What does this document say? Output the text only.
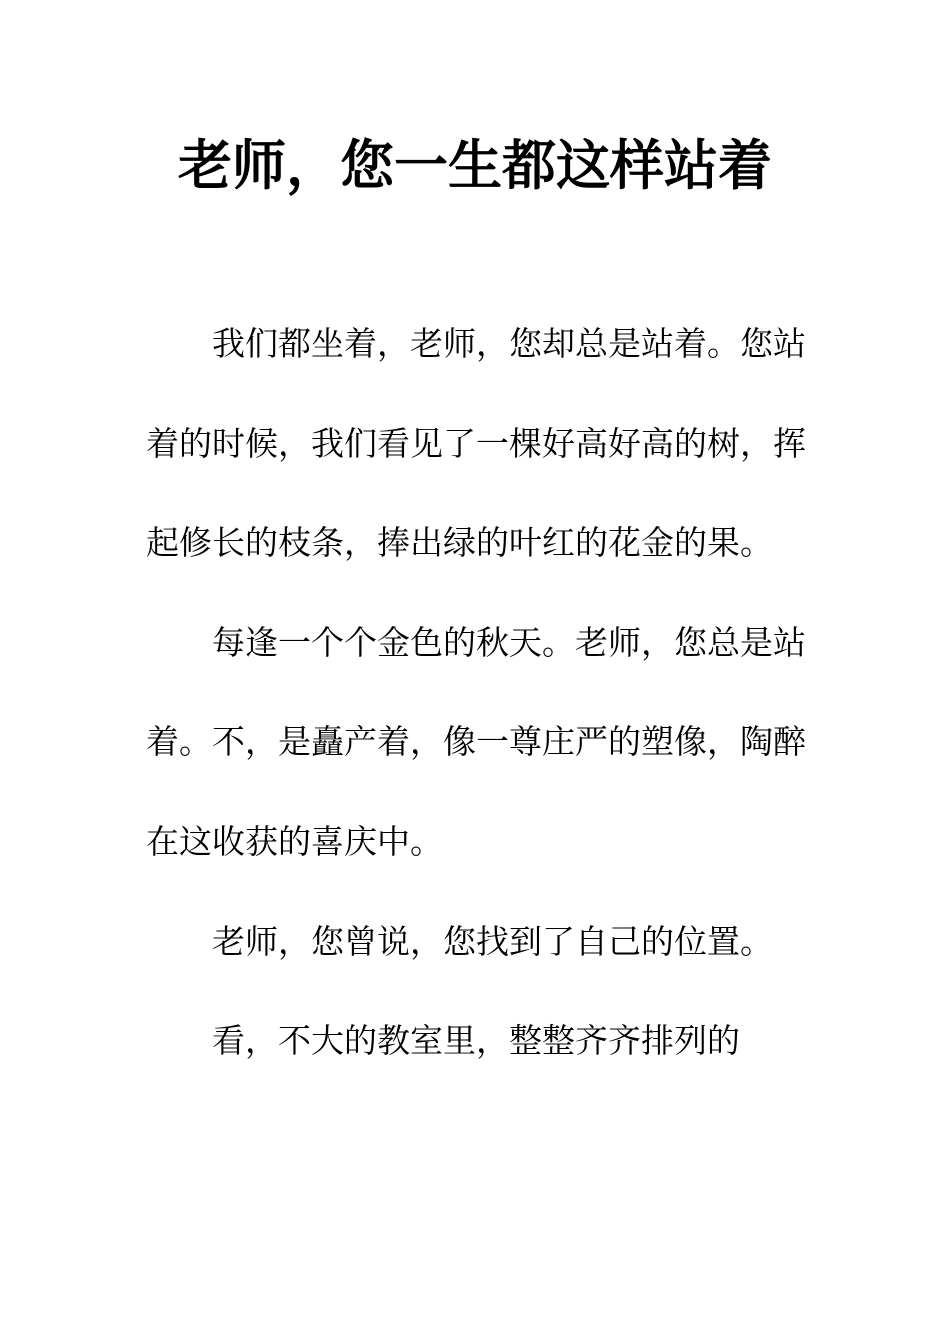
老师，您一生都这样站着

我们都坐着，老师，您却总是站着。您站着的时候，我们看见了一棵好高好高的树，挥起修长的枝条，捧出绿的叶红的花金的果。

每逢一个个金色的秋天。老师，您总是站着。不，是矗产着，像一尊庄严的塑像，陶醉在这收获的喜庆中。

老师，您曾说，您找到了自己的位置。

看，不大的教室里，整整齐齐排列的
